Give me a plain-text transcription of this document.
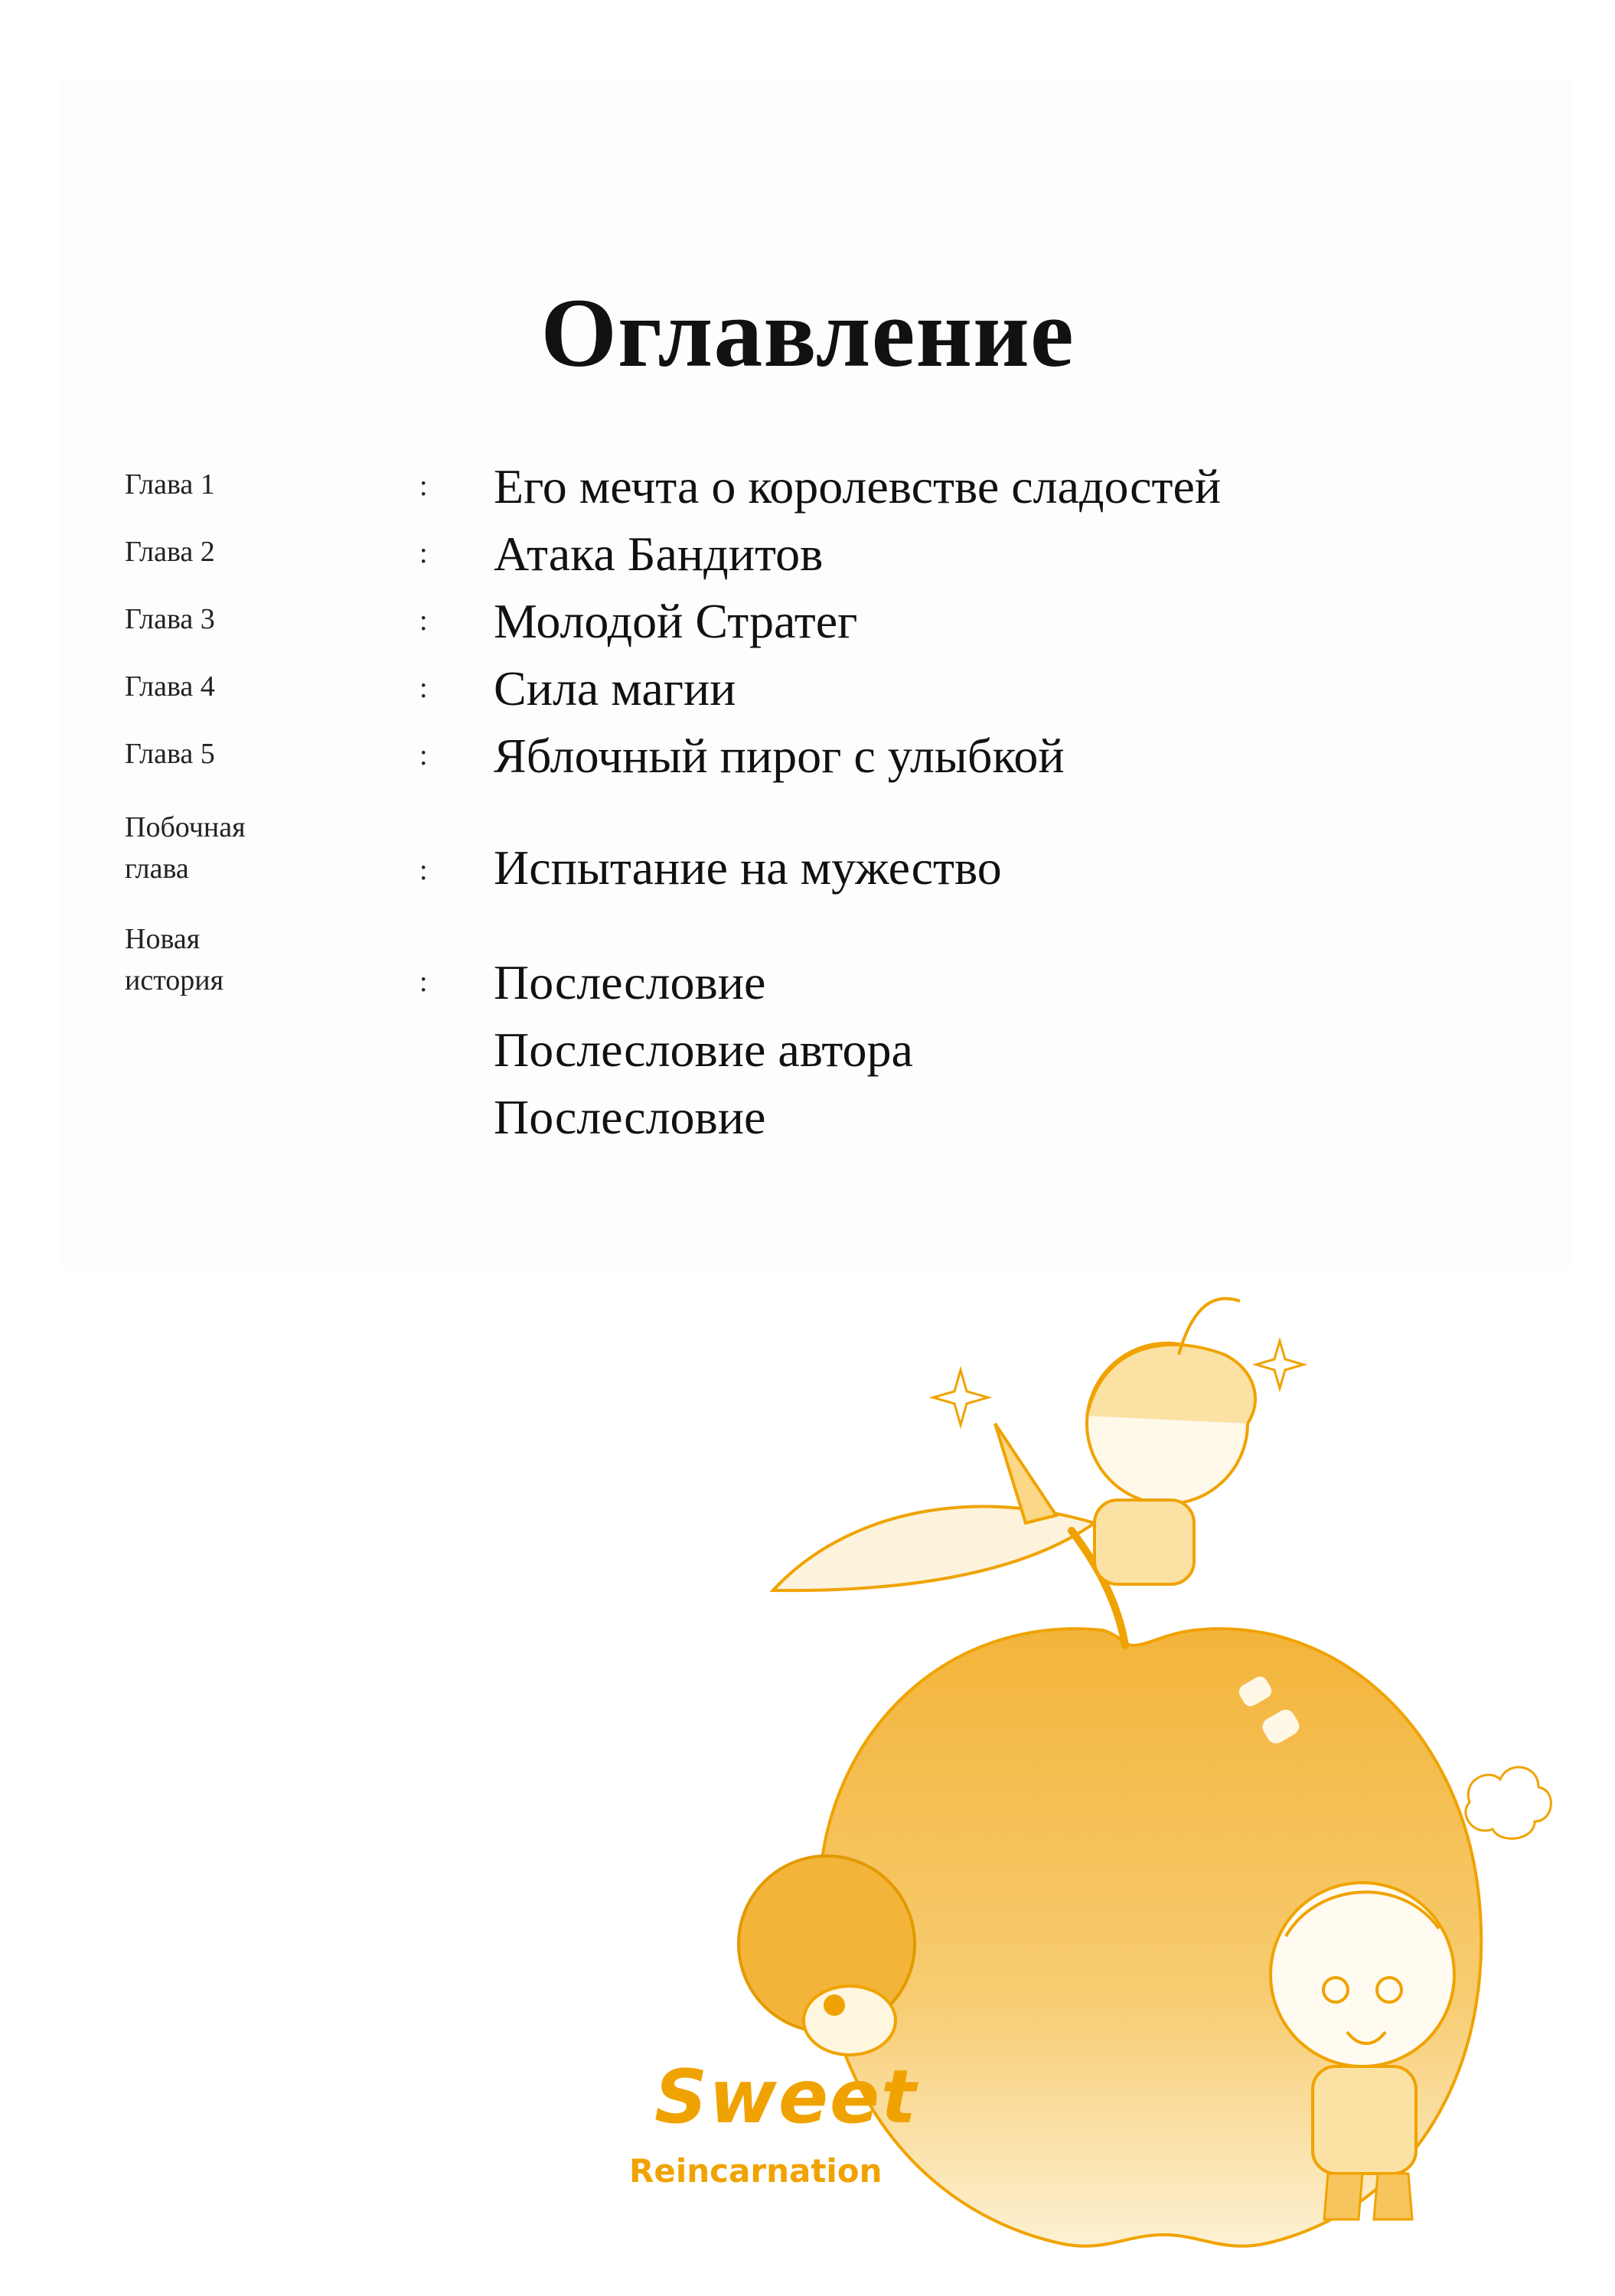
Оглавление
Глава 1	: Его мечта о королевстве сладостей
Глава 2	: Атака Бандитов
Глава 3	: Молодой Стратег
Глава 4	: Сила магии
Глава 5	: Яблочный пирог с улыбкой
Побочная
глава	: Испытание на мужество
Новая
история	: Послесловие
Послесловие автора
Послесловие
Sweet
Reincarnation
